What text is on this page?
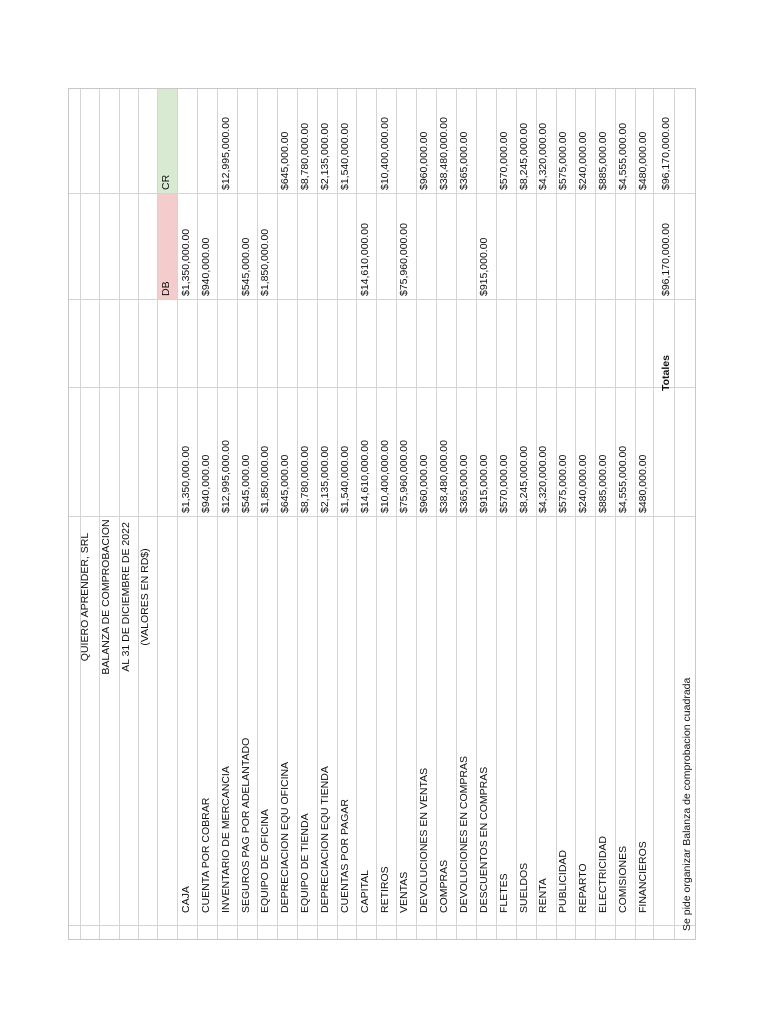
QUIERO APRENDER, SRL BALANZA DE COMPROBACION AL 31 DE DICIEMBRE DE 2022 (VALORES EN RD$)
DB
CR
CAJA
$1,350,000.00
$1,350,000.00
CUENTA POR COBRAR
$940,000.00
$940,000.00
INVENTARIO DE MERCANCIA
$12,995,000.00
$12,995,000.00
SEGUROS PAG POR ADELANTADO
$545,000.00
$545,000.00
EQUIPO DE OFICINA
$1,850,000.00
$1,850,000.00
DEPRECIACION EQU OFICINA
$645,000.00
$645,000.00
EQUIPO DE TIENDA
$8,780,000.00
$8,780,000.00
DEPRECIACION EQU TIENDA
$2,135,000.00
$2,135,000.00
CUENTAS POR PAGAR
$1,540,000.00
$1,540,000.00
CAPITAL
$14,610,000.00
$14,610,000.00
RETIROS
$10,400,000.00
$10,400,000.00
VENTAS
$75,960,000.00
$75,960,000.00
DEVOLUCIONES EN VENTAS
$960,000.00
$960,000.00
COMPRAS
$38,480,000.00
$38,480,000.00
DEVOLUCIONES EN COMPRAS
$365,000.00
$365,000.00
DESCUENTOS EN COMPRAS
$915,000.00
$915,000.00
FLETES
$570,000.00
$570,000.00
SUELDOS
$8,245,000.00
$8,245,000.00
RENTA
$4,320,000.00
$4,320,000.00
PUBLICIDAD
$575,000.00
$575,000.00
REPARTO
$240,000.00
$240,000.00
ELECTRICIDAD
$885,000.00
$885,000.00
COMISIONES
$4,555,000.00
$4,555,000.00
FINANCIEROS
$480,000.00
$480,000.00
Totales
$96,170,000.00
$96,170,000.00
Se pide organizar Balanza de comprobacion cuadrada
